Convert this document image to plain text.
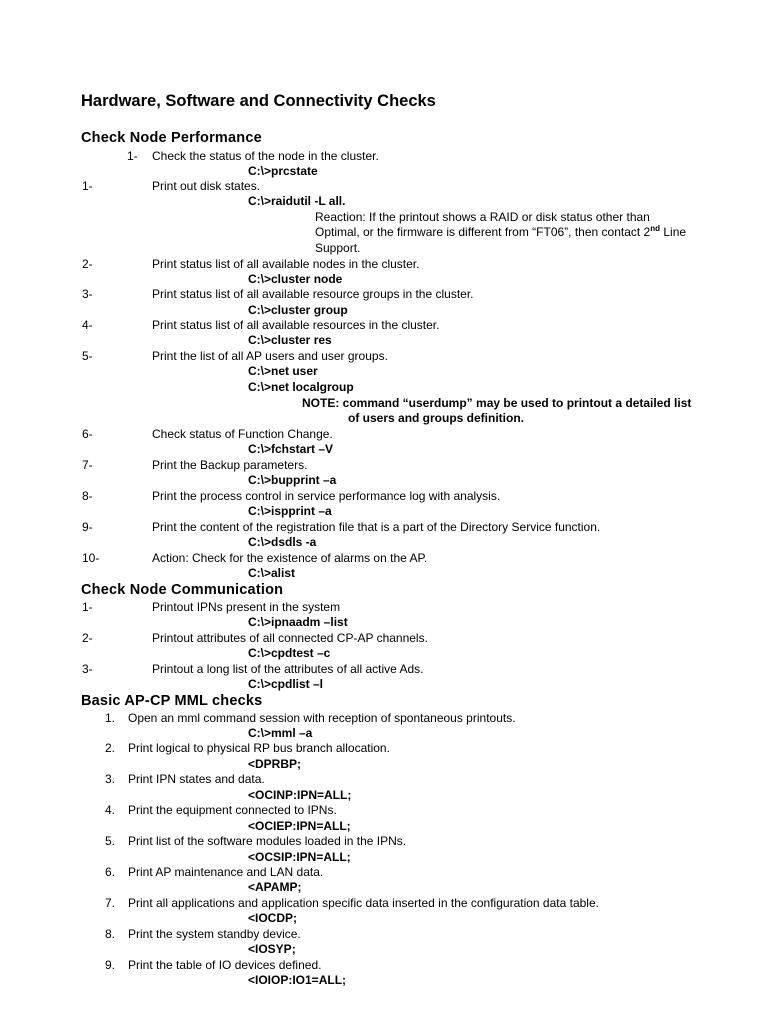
Hardware, Software and Connectivity Checks
Check Node Performance
1- Check the status of the node in the cluster.
C:\>prcstate
1-	Print out disk states.
C:\>raidutil -L all.
Reaction: If the printout shows a RAID or disk status other than
Optimal, or the firmware is different from “FT06”, then contact 2nd Line
Support.
2-	Print status list of all available nodes in the cluster.
C:\>cluster node
3-	Print status list of all available resource groups in the cluster.
C:\>cluster group
4-	Print status list of all available resources in the cluster.
C:\>cluster res
5-	Print the list of all AP users and user groups.
C:\>net user
C:\>net localgroup
NOTE: command “userdump” may be used to printout a detailed list
of users and groups definition.
6-	Check status of Function Change.
C:\>fchstart –V
7-	Print the Backup parameters.
C:\>bupprint –a
8-	Print the process control in service performance log with analysis.
C:\>ispprint –a
9-	Print the content of the registration file that is a part of the Directory Service function.
C:\>dsdls -a
10-	Action: Check for the existence of alarms on the AP.
C:\>alist
Check Node Communication
1-	Printout IPNs present in the system
C:\>ipnaadm –list
2-	Printout attributes of all connected CP-AP channels.
C:\>cpdtest –c
3-	Printout a long list of the attributes of all active Ads.
C:\>cpdlist –l
Basic AP-CP MML checks
1. Open an mml command session with reception of spontaneous printouts.
C:\>mml –a
2. Print logical to physical RP bus branch allocation.
<DPRBP;
3. Print IPN states and data.
<OCINP:IPN=ALL;
4. Print the equipment connected to IPNs.
<OCIEP:IPN=ALL;
5. Print list of the software modules loaded in the IPNs.
<OCSIP:IPN=ALL;
6. Print AP maintenance and LAN data.
<APAMP;
7. Print all applications and application specific data inserted in the configuration data table.
<IOCDP;
8. Print the system standby device.
<IOSYP;
9. Print the table of IO devices defined.
<IOIOP:IO1=ALL;
